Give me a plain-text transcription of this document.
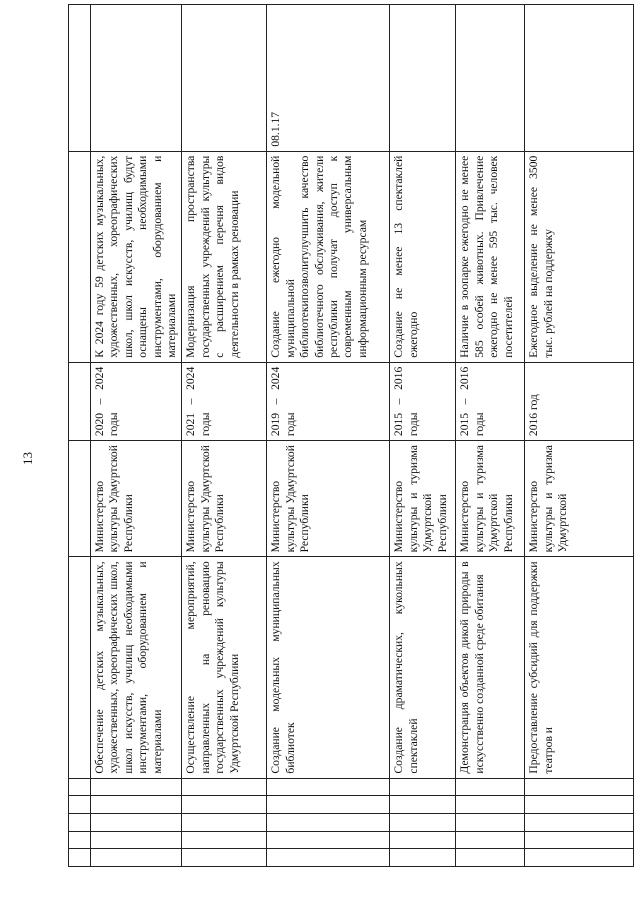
13

					Обеспечение детских музыкальных, художественных, хореографических школ, школ искусств, училищ необходимыми инструментами, оборудованием и материалами	Министерство культуры Удмуртской Республики	2020 – 2024 годы	К 2024 году 59 детских музыкальных, художественных, хореографических школ, школ искусств, училищ будут оснащены необходимыми инструментами, оборудованием и материалами	
					Осуществление мероприятий, направленных на реновацию государственных учреждений культуры Удмуртской Республики	Министерство культуры Удмуртской Республики	2021 – 2024 годы	Модернизация пространства государственных учреждений культуры с расширением перечня видов деятельности в рамках реновации	
					Создание модельных муниципальных библиотек	Министерство культуры Удмуртской Республики	2019 – 2024 годы	Создание ежегодно модельной муниципальной библиотекипозволитулучшить качество библиотечного обслуживания, жители республики получат доступ к современным универсальным информационным ресурсам	08.1.17
					Создание драматических, кукольных спектаклей	Министерство культуры и туризма Удмуртской Республики	2015 – 2016 годы	Создание не менее 13 спектаклей ежегодно	
					Демонстрация объектов дикой природы в искусственно созданной среде обитания	Министерство культуры и туризма Удмуртской Республики	2015 – 2016 годы	Наличие в зоопарке ежегодно не менее 585 особей животных. Привлечение ежегодно не менее 595 тыс. человек посетителей	
					Предоставление субсидий для поддержки театров и	Министерство культуры и туризма Удмуртской	2016 год	Ежегодное выделение не менее 3500 тыс. рублей на поддержку	
